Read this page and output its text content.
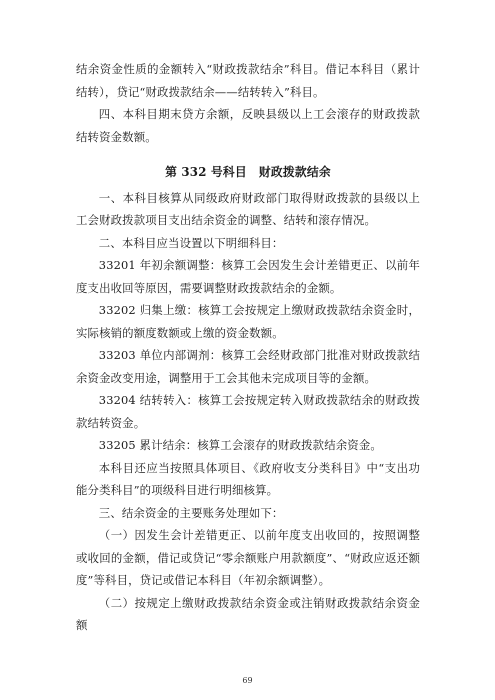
结余资金性质的金额转入“财政拨款结余”科目。借记本科目（累计结转），贷记“财政拨款结余——结转转入”科目。

四、本科目期末贷方余额，反映县级以上工会滚存的财政拨款结转资金数额。

第 332 号科目　财政拨款结余

一、本科目核算从同级政府财政部门取得财政拨款的县级以上工会财政拨款项目支出结余资金的调整、结转和滚存情况。

二、本科目应当设置以下明细科目：

33201 年初余额调整：核算工会因发生会计差错更正、以前年度支出收回等原因，需要调整财政拨款结余的金额。

33202 归集上缴：核算工会按规定上缴财政拨款结余资金时，实际核销的额度数额或上缴的资金数额。

33203 单位内部调剂：核算工会经财政部门批准对财政拨款结余资金改变用途，调整用于工会其他未完成项目等的金额。

33204 结转转入：核算工会按规定转入财政拨款结余的财政拨款结转资金。

33205 累计结余：核算工会滚存的财政拨款结余资金。

本科目还应当按照具体项目、《政府收支分类科目》中“支出功能分类科目”的项级科目进行明细核算。

三、结余资金的主要账务处理如下：

（一）因发生会计差错更正、以前年度支出收回的，按照调整或收回的金额，借记或贷记“零余额账户用款额度”、“财政应返还额度”等科目，贷记或借记本科目（年初余额调整）。

（二）按规定上缴财政拨款结余资金或注销财政拨款结余资金额

69
